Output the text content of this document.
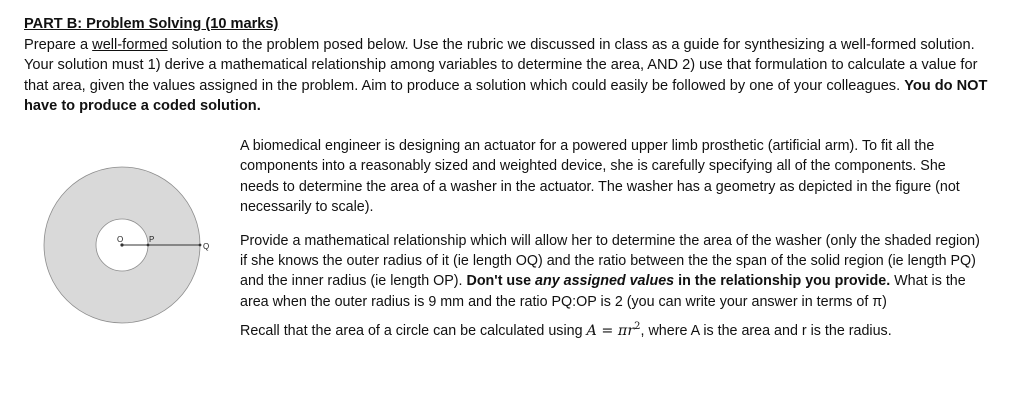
PART B: Problem Solving (10 marks)

Prepare a well-formed solution to the problem posed below. Use the rubric we discussed in class as a guide for synthesizing a well-formed solution. Your solution must 1) derive a mathematical relationship among variables to determine the area, AND 2) use that formulation to calculate a value for that area, given the values assigned in the problem. Aim to produce a solution which could easily be followed by one of your colleagues. You do NOT have to produce a coded solution.

O	P
Q

A biomedical engineer is designing an actuator for a powered upper limb prosthetic (artificial arm). To fit all the components into a reasonably sized and weighted device, she is carefully specifying all of the components. She needs to determine the area of a washer in the actuator. The washer has a geometry as depicted in the figure (not necessarily to scale).

Provide a mathematical relationship which will allow her to determine the area of the washer (only the shaded region) if she knows the outer radius of it (ie length OQ) and the ratio between the the span of the solid region (ie length PQ) and the inner radius (ie length OP). Don't use any assigned values in the relationship you provide. What is the area when the outer radius is 9 mm and the ratio PQ:OP is 2 (you can write your answer in terms of π)

Recall that the area of a circle can be calculated using $A = \pi r^2$, where A is the area and r is the radius.
